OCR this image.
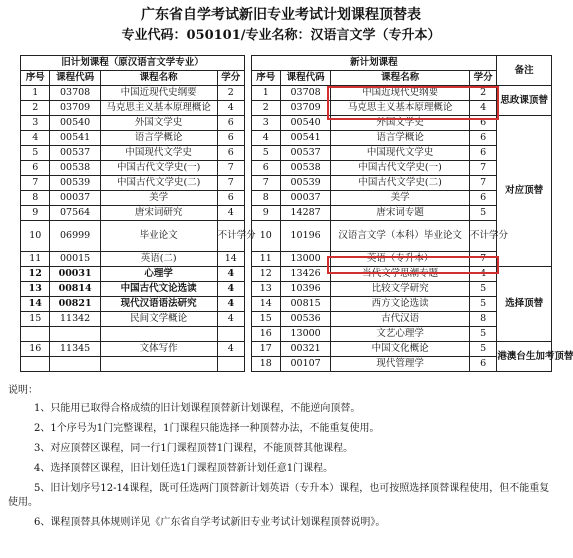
广东省自学考试新旧专业考试计划课程顶替表
专业代码：050101/专业名称：汉语言文学（专升本）
旧计划课程（原汉语言文学专业）					新计划课程				备注
序号	课程代码	课程名称	学分		序号	课程代码	课程名称	学分	
1	03708	中国近现代史纲要	2		1	03708	中国近现代史纲要	2	思政课顶替
2	03709	马克思主义基本原理概论	4		2	03709	马克思主义基本原理概论	4	
3	00540	外国文学史	6		3	00540	外国文学史	6	对应顶替
4	00541	语言学概论	6		4	00541	语言学概论	6	
5	00537	中国现代文学史	6		5	00537	中国现代文学史	6	
6	00538	中国古代文学史(一)	7		6	00538	中国古代文学史(一)	7	
7	00539	中国古代文学史(二)	7		7	00539	中国古代文学史(二)	7	
8	00037	美学	6		8	00037	美学	6	
9	07564	唐宋词研究	4		9	14287	唐宋词专题	5	
10	06999	毕业论文	不计学分		10	10196	汉语言文学（本科）毕业论文	不计学分	
11	00015	英语(二)	14		11	13000	英语（专升本）	7	
12	00031	心理学	4		12	13426	当代文学思潮专题	4	选择顶替
13	00814	中国古代文论选读	4		13	10396	比较文学研究	5	
14	00821	现代汉语语法研究	4		14	00815	西方文论选读	5	
15	11342	民间文学概论	4		15	00536	古代汉语	8	
					16	13000	文艺心理学	5	
16	11345	文体写作	4		17	00321	中国文化概论	5	港澳台生加考顶替
					18	00107	现代管理学	6	
说明：
1、只能用已取得合格成绩的旧计划课程顶替新计划课程，不能逆向顶替。
2、1个序号为1门完整课程，1门课程只能选择一种顶替办法，不能重复使用。
3、对应顶替区课程，同一行1门课程顶替1门课程，不能顶替其他课程。
4、选择顶替区课程，旧计划任选1门课程顶替新计划任意1门课程。
5、旧计划序号12-14课程，既可任选两门顶替新计划英语（专升本）课程，也可按照选择顶替课程使用，但不能重复使用。
6、课程顶替具体规则详见《广东省自学考试新旧专业考试计划课程顶替说明》。
